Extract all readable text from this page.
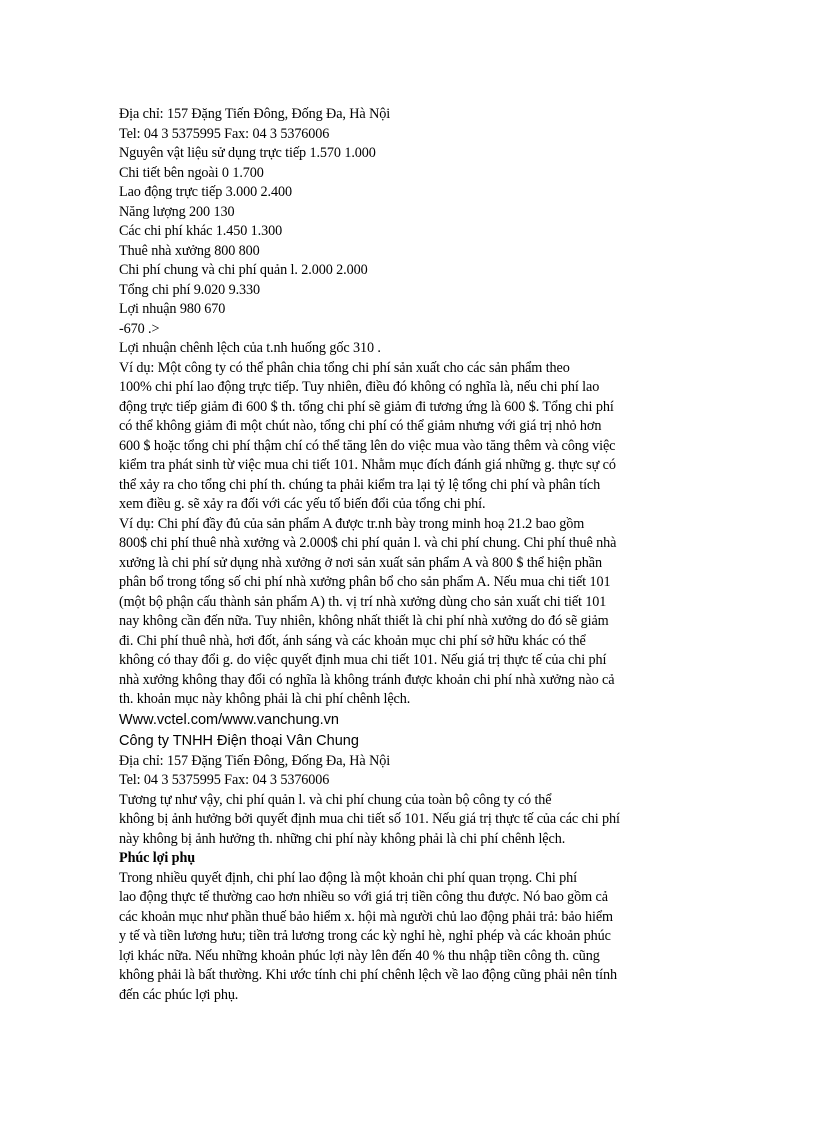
Địa chỉ: 157 Đặng Tiến Đông, Đống Đa, Hà Nội
Tel: 04 3 5375995 Fax: 04 3 5376006
Nguyên vật liệu sử dụng trực tiếp 1.570 1.000
Chi tiết bên ngoài 0 1.700
Lao động trực tiếp 3.000 2.400
Năng lượng 200 130
Các chi phí khác 1.450 1.300
Thuê nhà xưởng 800 800
Chi phí chung và chi phí quản l. 2.000 2.000
Tổng chi phí 9.020 9.330
Lợi nhuận 980 670
-670 .>
Lợi nhuận chênh lệch của t.nh huống gốc 310 .
Ví dụ: Một công ty có thể phân chia tổng chi phí sản xuất cho các sản phẩm theo
100% chi phí lao động trực tiếp. Tuy nhiên, điều đó không có nghĩa là, nếu chi phí lao
động trực tiếp giảm đi 600 $ th. tổng chi phí sẽ giảm đi tương ứng là 600 $. Tổng chi phí
có thể không giảm đi một chút nào, tổng chi phí có thể giảm nhưng với giá trị nhỏ hơn
600 $ hoặc tổng chi phí thậm chí có thể tăng lên do việc mua vào tăng thêm và công việc
kiểm tra phát sinh từ việc mua chi tiết 101. Nhằm mục đích đánh giá những g. thực sự có
thể xảy ra cho tổng chi phí th. chúng ta phải kiểm tra lại tỷ lệ tổng chi phí và phân tích
xem điều g. sẽ xảy ra đối với các yếu tố biến đổi của tổng chi phí.
Ví dụ: Chi phí đầy đủ của sản phẩm A được tr.nh bày trong minh hoạ 21.2 bao gồm
800$ chi phí thuê nhà xưởng và 2.000$ chi phí quản l. và chi phí chung. Chi phí thuê nhà
xưởng là chi phí sử dụng nhà xưởng ở nơi sản xuất sản phẩm A và 800 $ thể hiện phần
phân bổ trong tổng số chi phí nhà xưởng phân bổ cho sản phẩm A. Nếu mua chi tiết 101
(một bộ phận cấu thành sản phẩm A) th. vị trí nhà xưởng dùng cho sản xuất chi tiết 101
nay không cần đến nữa. Tuy nhiên, không nhất thiết là chi phí nhà xưởng do đó sẽ giảm
đi. Chi phí thuê nhà, hơi đốt, ánh sáng và các khoản mục chi phí sở hữu khác có thể
không có thay đổi g. do việc quyết định mua chi tiết 101. Nếu giá trị thực tế của chi phí
nhà xưởng không thay đổi có nghĩa là không tránh được khoản chi phí nhà xưởng nào cả
th. khoản mục này không phải là chi phí chênh lệch.
Www.vctel.com/www.vanchung.vn
Công ty TNHH Điện thoại Vân Chung
Địa chỉ: 157 Đặng Tiến Đông, Đống Đa, Hà Nội
Tel: 04 3 5375995 Fax: 04 3 5376006
Tương tự như vậy, chi phí quản l. và chi phí chung của toàn bộ công ty có thể
không bị ảnh hưởng bởi quyết định mua chi tiết số 101. Nếu giá trị thực tế của các chi phí
này không bị ảnh hưởng th. những chi phí này không phải là chi phí chênh lệch.
Phúc lợi phụ
Trong nhiều quyết định, chi phí lao động là một khoản chi phí quan trọng. Chi phí
lao động thực tế thường cao hơn nhiều so với giá trị tiền công thu được. Nó bao gồm cả
các khoản mục như phần thuế bảo hiểm x. hội mà người chủ lao động phải trả: bảo hiểm
y tế và tiền lương hưu; tiền trả lương trong các kỳ nghỉ hè, nghỉ phép và các khoản phúc
lợi khác nữa. Nếu những khoản phúc lợi này lên đến 40 % thu nhập tiền công th. cũng
không phải là bất thường. Khi ước tính chi phí chênh lệch về lao động cũng phải nên tính
đến các phúc lợi phụ.
